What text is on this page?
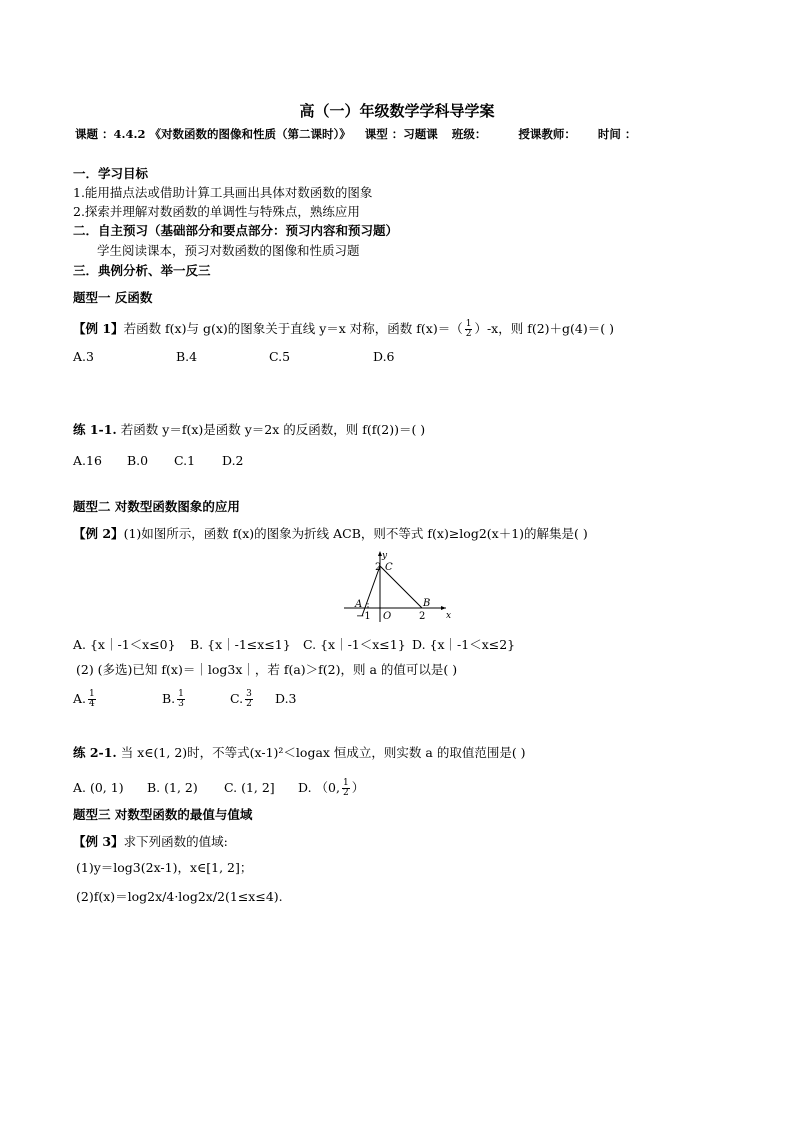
高（一）年级数学学科导学案
课题 ：4.4.2 《对数函数的图像和性质（第二课时）》 课型 ：习题课 班级：	授课教师： 时间 ：
一．学习目标
1.能用描点法或借助计算工具画出具体对数函数的图象
2.探索并理解对数函数的单调性与特殊点，熟练应用
二．自主预习（基础部分和要点部分：预习内容和预习题）
学生阅读课本，预习对数函数的图像和性质习题
三．典例分析、举一反三
题型一 反函数
【例 1】若函数 f(x)与 g(x)的图象关于直线 y＝x 对称，函数 $f(x)=( \frac{1}{2} )-x$，则 f(2)＋g(4)＝( )
A.3	B.4	C.5	D.6
练 1-1. 若函数 y＝f(x)是函数 y＝2x 的反函数，则 f(f(2))＝( )
A.16 B.0 C.1 D.2
题型二 对数型函数图象的应用
【例 2】(1)如图所示，函数 f(x)的图象为折线 ACB，则不等式 f(x)≥log2(x＋1)的解集是( )
y
x
2 C
A	B
−1 O	2
A. {x｜-1＜x≤0} B. {x｜-1≤x≤1} C. {x｜-1＜x≤1} D. {x｜-1＜x≤2}
(2) (多选)已知 f(x)＝｜log3x｜，若 f(a)＞f(2)，则 a 的值可以是( )
A. $\frac{1}{4}$	B. $\frac{1}{3}$	C. $\frac{3}{2} D.3$
练 2-1. 当 x∈(1, 2)时，不等式(x-1)²＜logax 恒成立，则实数 a 的取值范围是( )
A. (0, 1) B. (1, 2) C. (1, 2] D. （0, $\frac{1}{2}$ ）
题型三 对数型函数的最值与值域
【例 3】求下列函数的值域:
(1)y＝log3(2x-1)，x∈[1, 2]；
(2)f(x)＝log2x/4·log2x/2(1≤x≤4).
